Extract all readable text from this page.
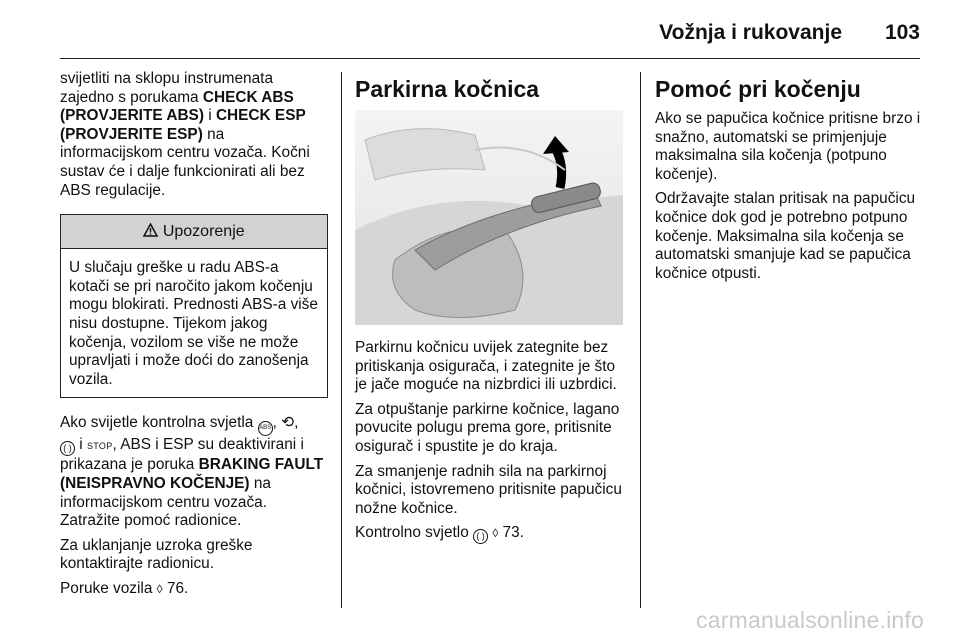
Vožnja i rukovanje 103

svijetliti na sklopu instrumenata zajedno s porukama CHECK ABS (PROVJERITE ABS) i CHECK ESP (PROVJERITE ESP) na informacijskom centru vozača. Kočni sustav će i dalje funkcionirati ali bez ABS regulacije.

Upozorenje
U slučaju greške u radu ABS-a kotači se pri naročito jakom kočenju mogu blokirati. Prednosti ABS-a više nisu dostupne. Tijekom jakog kočenja, vozilom se više ne može upravljati i može doći do zanošenja vozila.

Ako svijetle kontrolna svjetla ABS, ⟲,
( ) i STOP, ABS i ESP su deaktivirani i prikazana je poruka BRAKING FAULT (NEISPRAVNO KOČENJE) na informacijskom centru vozača. Zatražite pomoć radionice.

Za uklanjanje uzroka greške kontaktirajte radionicu.

Poruke vozila ◊ 76.

Parkirna kočnica

Parkirnu kočnicu uvijek zategnite bez pritiskanja osigurača, i zategnite je što je jače moguće na nizbrdici ili uzbrdici.

Za otpuštanje parkirne kočnice, lagano povucite polugu prema gore, pritisnite osigurač i spustite je do kraja.

Za smanjenje radnih sila na parkirnoj kočnici, istovremeno pritisnite papučicu nožne kočnice.

Kontrolno svjetlo ( ) ◊ 73.

Pomoć pri kočenju

Ako se papučica kočnice pritisne brzo i snažno, automatski se primjenjuje maksimalna sila kočenja (potpuno kočenje).

Održavajte stalan pritisak na papučicu kočnice dok god je potrebno potpuno kočenje. Maksimalna sila kočenja se automatski smanjuje kad se papučica kočnice otpusti.

carmanualsonline.info
